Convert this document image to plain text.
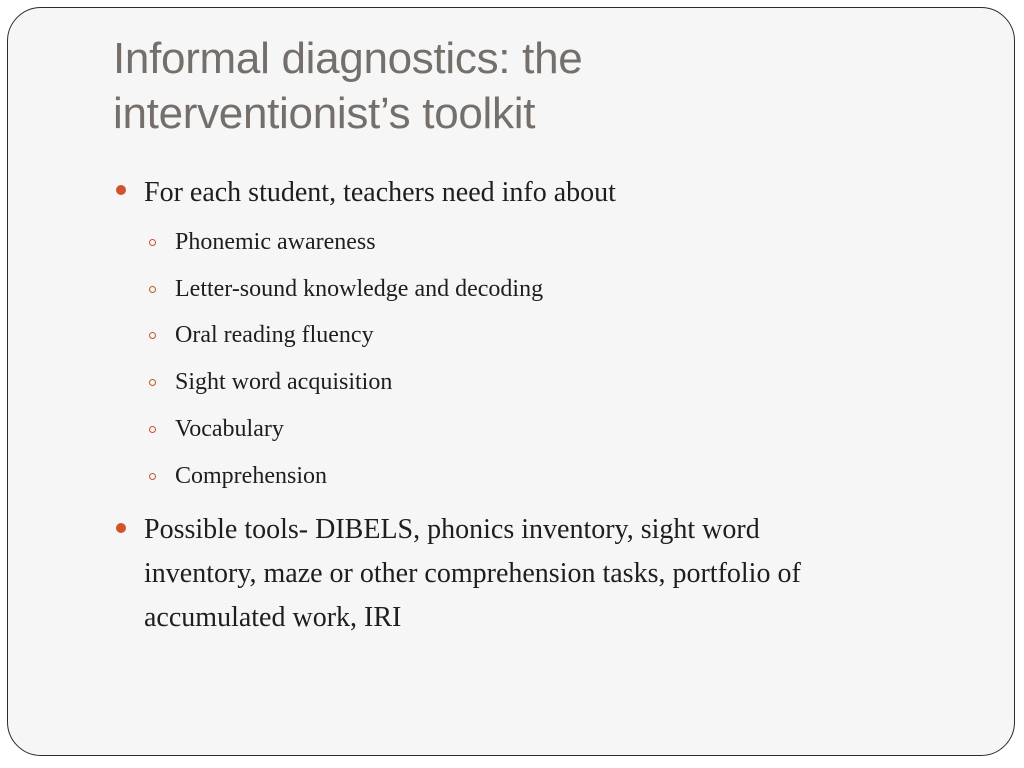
Informal diagnostics: the
interventionist’s toolkit
For each student, teachers need info about
Phonemic awareness
Letter-sound knowledge and decoding
Oral reading fluency
Sight word acquisition
Vocabulary
Comprehension
Possible tools- DIBELS, phonics inventory, sight word
inventory, maze or other comprehension tasks, portfolio of
accumulated work, IRI
